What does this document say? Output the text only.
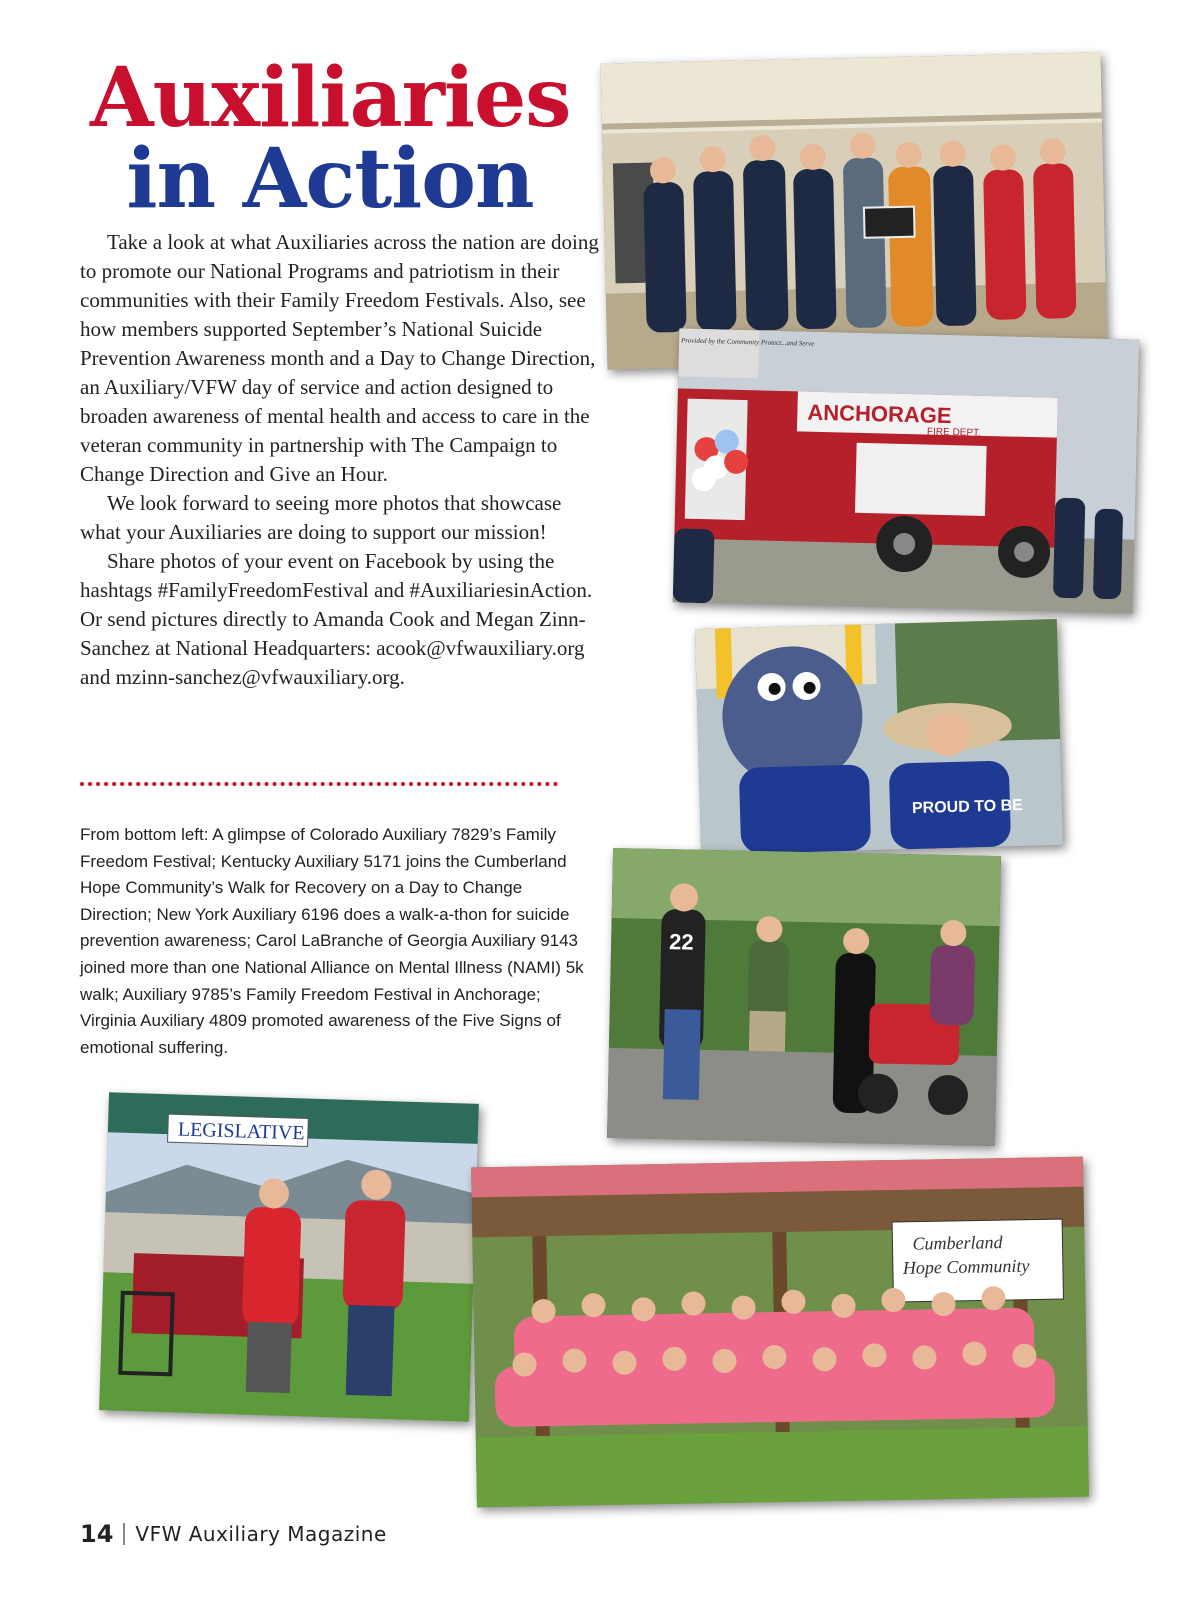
Auxiliaries
in Action

Take a look at what Auxiliaries across the nation are doing to promote our National Programs and patriotism in their communities with their Family Freedom Festivals. Also, see how members supported September’s National Suicide Prevention Awareness month and a Day to Change Direction, an Auxiliary/VFW day of service and action designed to broaden awareness of mental health and access to care in the veteran community in partnership with The Campaign to Change Direction and Give an Hour.

We look forward to seeing more photos that showcase what your Auxiliaries are doing to support our mission!

Share photos of your event on Facebook by using the hashtags #FamilyFreedomFestival and #AuxiliariesinAction. Or send pictures directly to Amanda Cook and Megan Zinn-Sanchez at National Headquarters: acook@vfwauxiliary.org and mzinn-sanchez@vfwauxiliary.org.

From bottom left: A glimpse of Colorado Auxiliary 7829’s Family Freedom Festival; Kentucky Auxiliary 5171 joins the Cumberland Hope Community’s Walk for Recovery on a Day to Change Direction; New York Auxiliary 6196 does a walk-a-thon for suicide prevention awareness; Carol LaBranche of Georgia Auxiliary 9143 joined more than one National Alliance on Mental Illness (NAMI) 5k walk; Auxiliary 9785’s Family Freedom Festival in Anchorage; Virginia Auxiliary 4809 promoted awareness of the Five Signs of emotional suffering.
ANCHORAGE
FIRE DEPT.
Provided by the Community Protect...and Serve
PROUD TO BE
22
LEGISLATIVE
Cumberland
Hope Community
14 VFW Auxiliary Magazine
